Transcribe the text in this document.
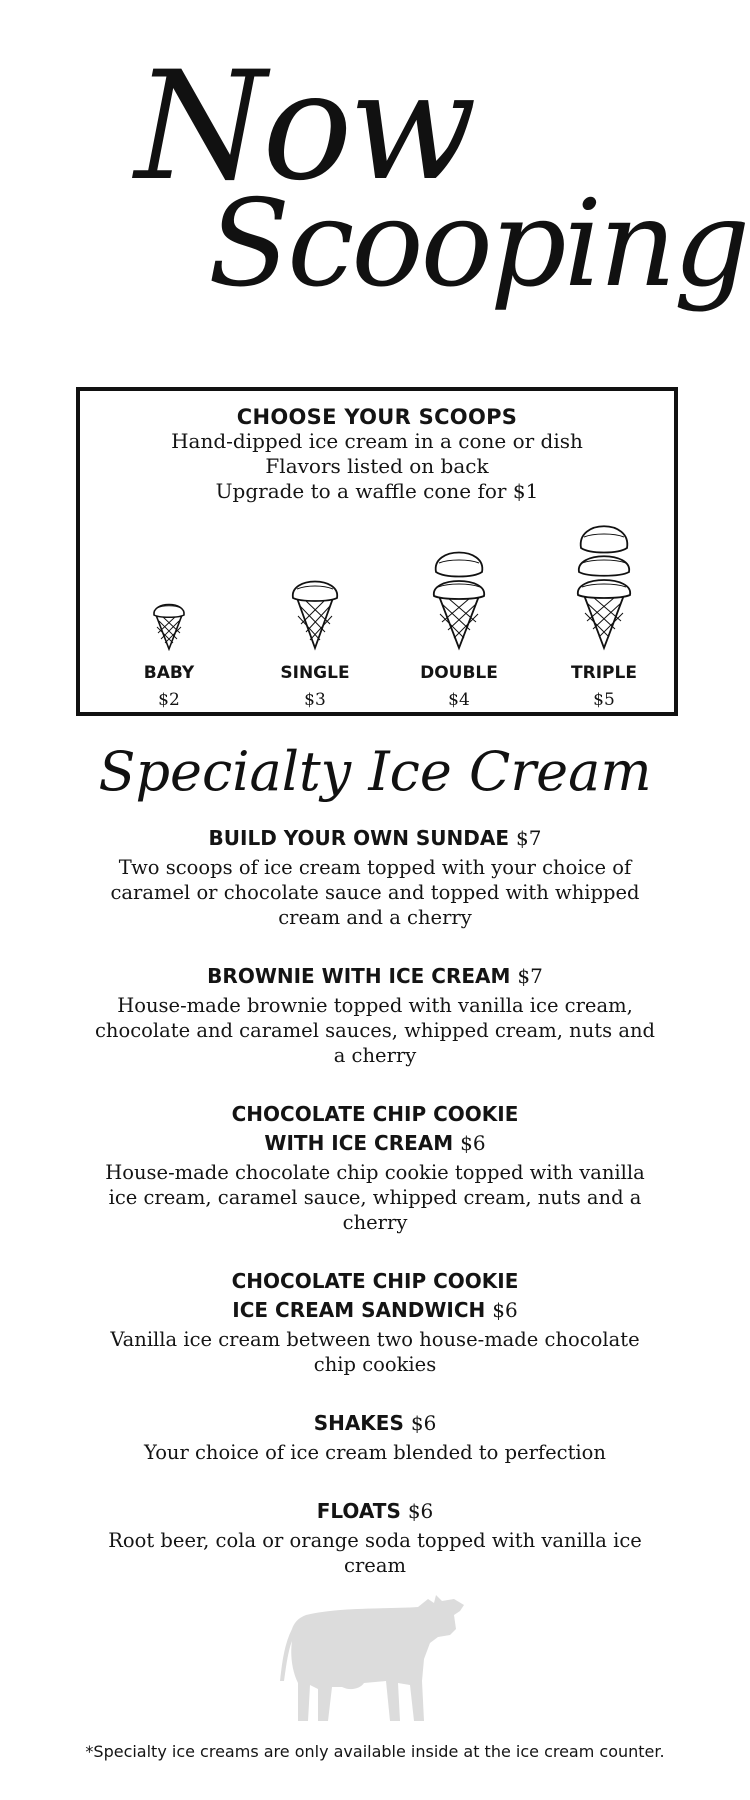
Now
Scooping
CHOOSE YOUR SCOOPS
Hand-dipped ice cream in a cone or dish
Flavors listed on back
Upgrade to a waffle cone for $1
BABY
$2
SINGLE
$3
DOUBLE
$4
TRIPLE
$5
Specialty Ice Cream
BUILD YOUR OWN SUNDAE $7
Two scoops of ice cream topped with your choice of caramel or chocolate sauce and topped with whipped cream and a cherry
BROWNIE WITH ICE CREAM $7
House-made brownie topped with vanilla ice cream, chocolate and caramel sauces, whipped cream, nuts and a cherry
CHOCOLATE CHIP COOKIE
WITH ICE CREAM $6
House-made chocolate chip cookie topped with vanilla ice cream, caramel sauce, whipped cream, nuts and a cherry
CHOCOLATE CHIP COOKIE
ICE CREAM SANDWICH $6
Vanilla ice cream between two house-made chocolate chip cookies
SHAKES $6
Your choice of ice cream blended to perfection
FLOATS $6
Root beer, cola or orange soda topped with vanilla ice cream
*Specialty ice creams are only available inside at the ice cream counter.
